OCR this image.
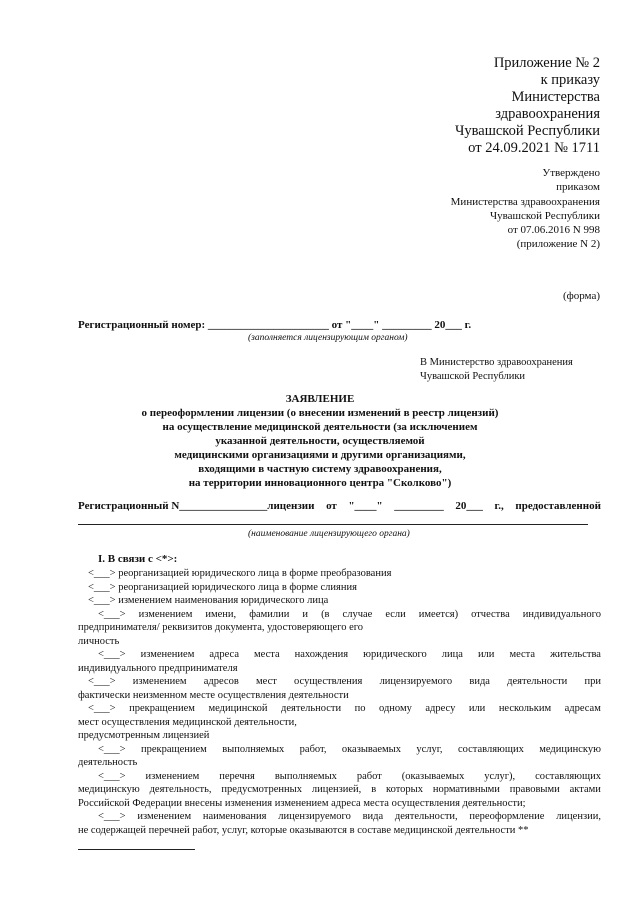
Приложение № 2
к приказу
Министерства
здравоохранения
Чувашской Республики
от 24.09.2021 № 1711
Утверждено
приказом
Министерства здравоохранения
Чувашской Республики
от 07.06.2016 N 998
(приложение N 2)
(форма)
Регистрационный номер: ______________________ от "____" _________ 20___ г.
(заполняется лицензирующим органом)
В Министерство здравоохранения
Чувашской Республики
ЗАЯВЛЕНИЕ
о переоформлении лицензии (о внесении изменений в реестр лицензий)
на осуществление медицинской деятельности (за исключением
указанной деятельности, осуществляемой
медицинскими организациями и другими организациями,
входящими в частную систему здравоохранения,
на территории инновационного центра "Сколково")
Регистрационный N________________лицензии от "____" _________ 20___ г., предоставленной
(наименование лицензирующего органа)
I. В связи с <*>:
<___> реорганизацией юридического лица в форме преобразования
<___> реорганизацией юридического лица в форме слияния
<___> изменением наименования юридического лица
<___> изменением имени, фамилии и (в случае если имеется) отчества индивидуального
предпринимателя/ реквизитов документа, удостоверяющего его
личность
<___> изменением адреса места нахождения юридического лица или места жительства
индивидуального предпринимателя
<___> изменением адресов мест осуществления лицензируемого вида деятельности при
фактически неизменном месте осуществления деятельности
<___> прекращением медицинской деятельности по одному адресу или нескольким адресам
мест осуществления медицинской деятельности,
предусмотренным лицензией
<___> прекращением выполняемых работ, оказываемых услуг, составляющих медицинскую
деятельность
<___> изменением перечня выполняемых работ (оказываемых услуг), составляющих
медицинскую деятельность, предусмотренных лицензией, в которых нормативными правовыми актами
Российской Федерации внесены изменения изменением адреса места осуществления деятельности;
<___> изменением наименования лицензируемого вида деятельности, переоформление лицензии,
не содержащей перечней работ, услуг, которые оказываются в составе медицинской деятельности **
